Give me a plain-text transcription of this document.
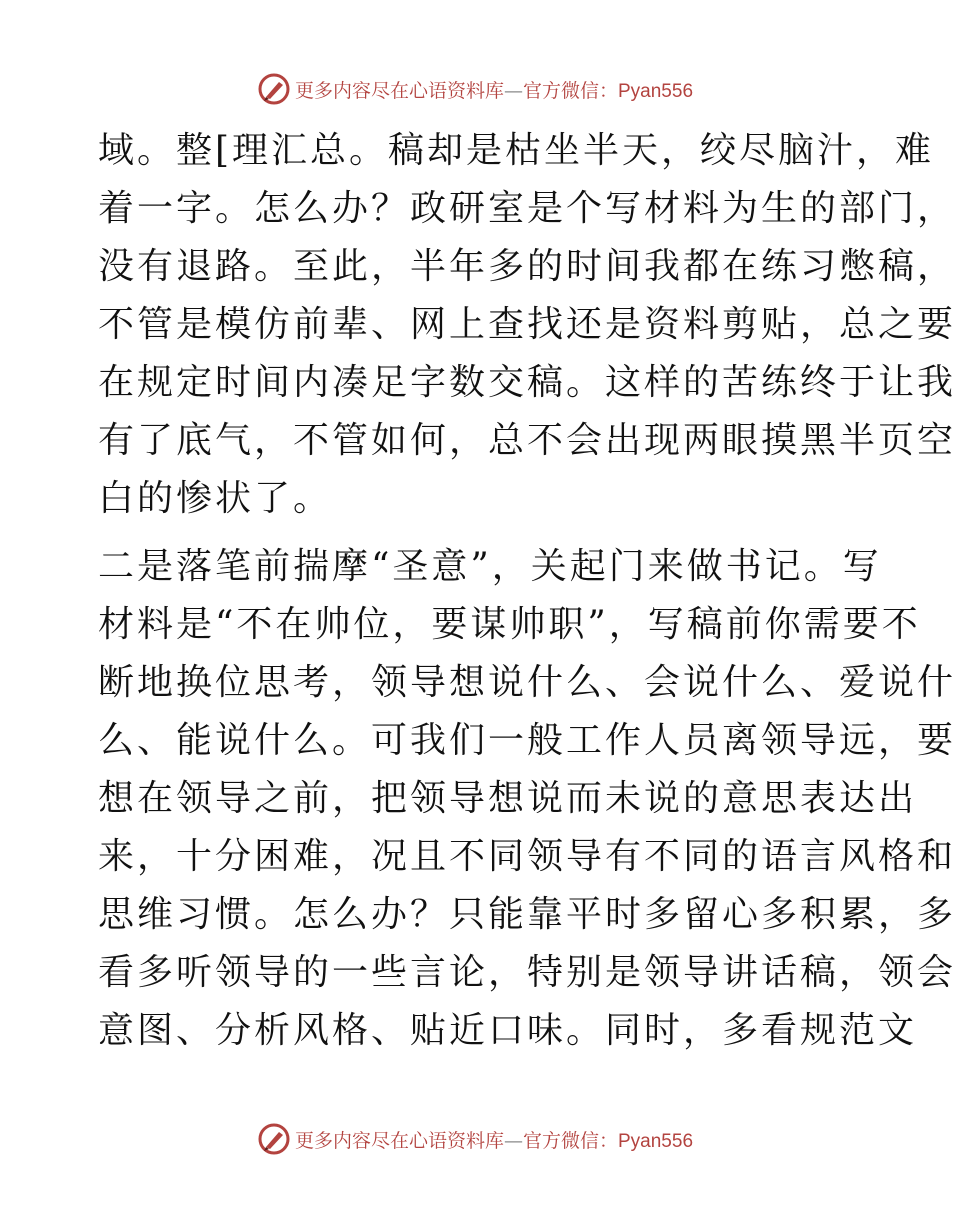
更多内容尽在心语资料库—官方微信：Pyan556
域。整[理汇总。稿却是枯坐半天，绞尽脑汁，难
着一字。怎么办？政研室是个写材料为生的部门，
没有退路。至此，半年多的时间我都在练习憋稿，
不管是模仿前辈、网上查找还是资料剪贴，总之要
在规定时间内凑足字数交稿。这样的苦练终于让我
有了底气，不管如何，总不会出现两眼摸黑半页空
白的惨状了。
二是落笔前揣摩“圣意”，关起门来做书记。写
材料是“不在帅位，要谋帅职”，写稿前你需要不
断地换位思考，领导想说什么、会说什么、爱说什
么、能说什么。可我们一般工作人员离领导远，要
想在领导之前，把领导想说而未说的意思表达出
来，十分困难，况且不同领导有不同的语言风格和
思维习惯。怎么办？只能靠平时多留心多积累，多
看多听领导的一些言论，特别是领导讲话稿，领会
意图、分析风格、贴近口味。同时，多看规范文
更多内容尽在心语资料库—官方微信：Pyan556
